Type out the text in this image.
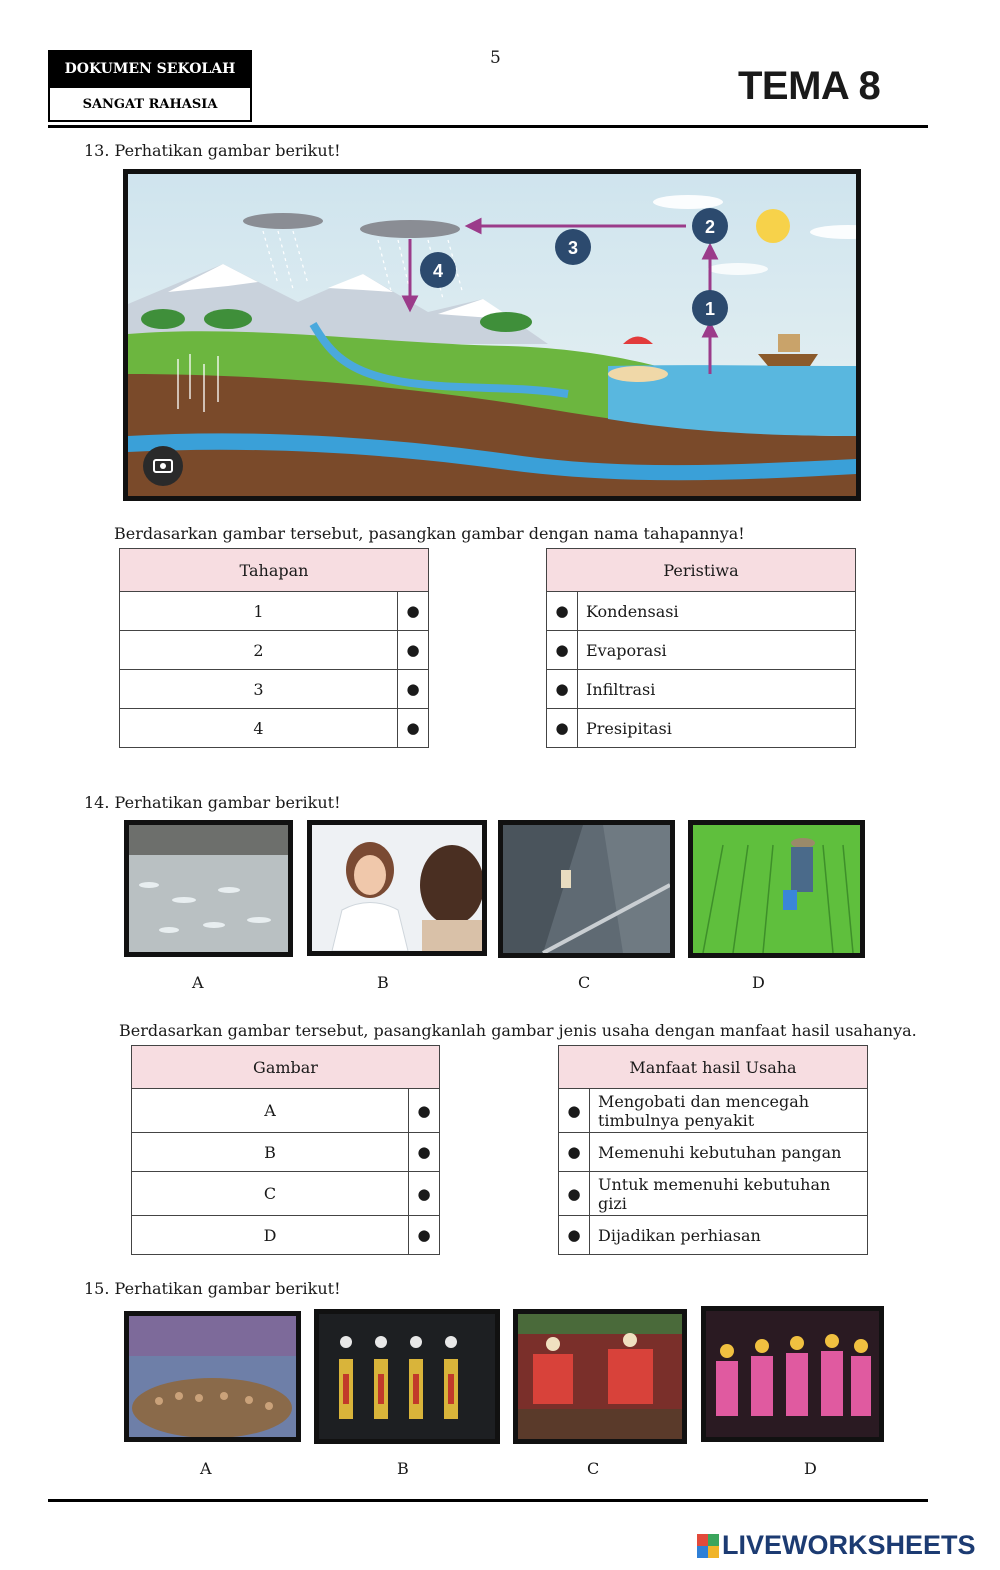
DOKUMEN SEKOLAH
SANGAT RAHASIA
5
TEMA 8
13. Perhatikan gambar berikut!
1
2
3
4
Berdasarkan gambar tersebut, pasangkan gambar dengan nama tahapannya!
Tahapan	
1	●
2	●
3	●
4	●
Peristiwa	
●	Kondensasi
●	Evaporasi
●	Infiltrasi
●	Presipitasi
14. Perhatikan gambar berikut!
A	B	C	D
Berdasarkan gambar tersebut, pasangkanlah gambar jenis usaha dengan manfaat hasil usahanya.
Gambar	
A	●
B	●
C	●
D	●
Manfaat hasil Usaha	
●	Mengobati dan mencegah timbulnya penyakit
●	Memenuhi kebutuhan pangan
●	Untuk memenuhi kebutuhan gizi
●	Dijadikan perhiasan
15. Perhatikan gambar berikut!
A	B	C	D
LIVEWORKSHEETS
